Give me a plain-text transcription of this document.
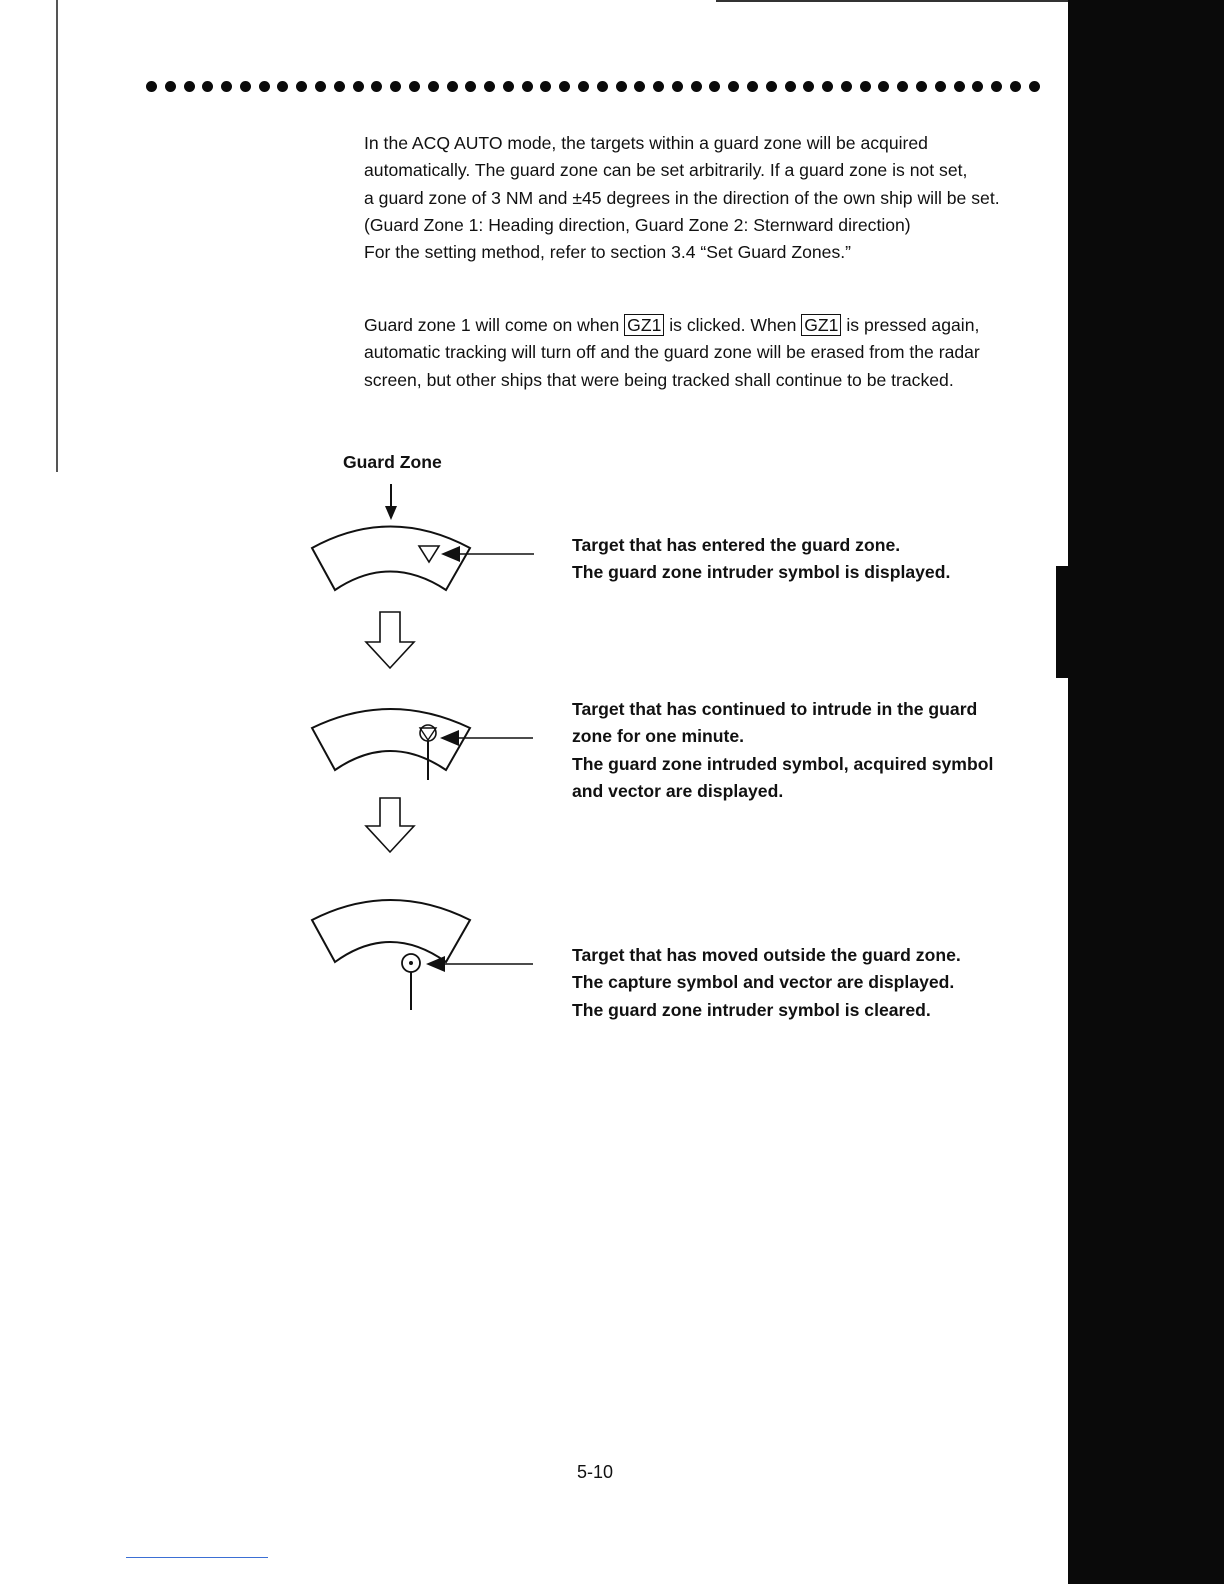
In the ACQ AUTO mode, the targets within a guard zone will be acquired
automatically. The guard zone can be set arbitrarily. If a guard zone is not set,
a guard zone of 3 NM and ±45 degrees in the direction of the own ship will be set.
(Guard Zone 1: Heading direction, Guard Zone 2: Sternward direction)
For the setting method, refer to section 3.4 “Set Guard Zones.”
Guard zone 1 will come on when GZ1 is clicked. When GZ1 is pressed again,
automatic tracking will turn off and the guard zone will be erased from the radar
screen, but other ships that were being tracked shall continue to be tracked.
Guard Zone
Target that has entered the guard zone.
The guard zone intruder symbol is displayed.
Target that has continued to intrude in the guard
zone for one minute.
The guard zone intruded symbol, acquired symbol
and vector are displayed.
Target that has moved outside the guard zone.
The capture symbol and vector are displayed.
The guard zone intruder symbol is cleared.
5-10
